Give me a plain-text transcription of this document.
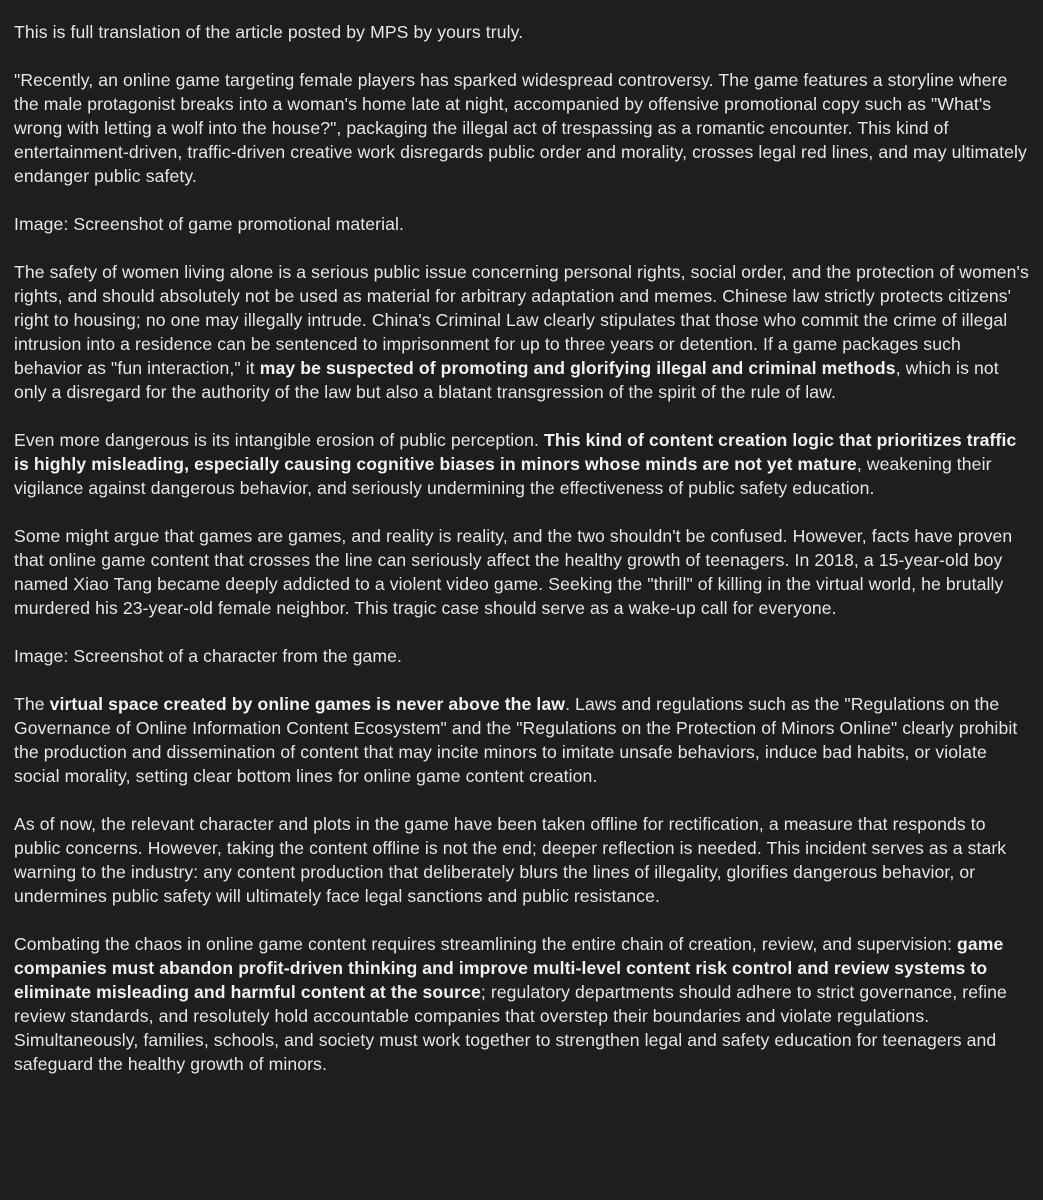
This is full translation of the article posted by MPS by yours truly.

"Recently, an online game targeting female players has sparked widespread controversy. The game features a storyline where the male protagonist breaks into a woman's home late at night, accompanied by offensive promotional copy such as "What's wrong with letting a wolf into the house?", packaging the illegal act of trespassing as a romantic encounter. This kind of entertainment-driven, traffic-driven creative work disregards public order and morality, crosses legal red lines, and may ultimately endanger public safety.

Image: Screenshot of game promotional material.

The safety of women living alone is a serious public issue concerning personal rights, social order, and the protection of women's rights, and should absolutely not be used as material for arbitrary adaptation and memes. Chinese law strictly protects citizens' right to housing; no one may illegally intrude. China's Criminal Law clearly stipulates that those who commit the crime of illegal intrusion into a residence can be sentenced to imprisonment for up to three years or detention. If a game packages such behavior as "fun interaction," it may be suspected of promoting and glorifying illegal and criminal methods, which is not only a disregard for the authority of the law but also a blatant transgression of the spirit of the rule of law.

Even more dangerous is its intangible erosion of public perception. This kind of content creation logic that prioritizes traffic is highly misleading, especially causing cognitive biases in minors whose minds are not yet mature, weakening their vigilance against dangerous behavior, and seriously undermining the effectiveness of public safety education.

Some might argue that games are games, and reality is reality, and the two shouldn't be confused. However, facts have proven that online game content that crosses the line can seriously affect the healthy growth of teenagers. In 2018, a 15-year-old boy named Xiao Tang became deeply addicted to a violent video game. Seeking the "thrill" of killing in the virtual world, he brutally murdered his 23-year-old female neighbor. This tragic case should serve as a wake-up call for everyone.

Image: Screenshot of a character from the game.

The virtual space created by online games is never above the law. Laws and regulations such as the "Regulations on the Governance of Online Information Content Ecosystem" and the "Regulations on the Protection of Minors Online" clearly prohibit the production and dissemination of content that may incite minors to imitate unsafe behaviors, induce bad habits, or violate social morality, setting clear bottom lines for online game content creation.

As of now, the relevant character and plots in the game have been taken offline for rectification, a measure that responds to public concerns. However, taking the content offline is not the end; deeper reflection is needed. This incident serves as a stark warning to the industry: any content production that deliberately blurs the lines of illegality, glorifies dangerous behavior, or undermines public safety will ultimately face legal sanctions and public resistance.

Combating the chaos in online game content requires streamlining the entire chain of creation, review, and supervision: game companies must abandon profit-driven thinking and improve multi-level content risk control and review systems to eliminate misleading and harmful content at the source; regulatory departments should adhere to strict governance, refine review standards, and resolutely hold accountable companies that overstep their boundaries and violate regulations. Simultaneously, families, schools, and society must work together to strengthen legal and safety education for teenagers and safeguard the healthy growth of minors.
